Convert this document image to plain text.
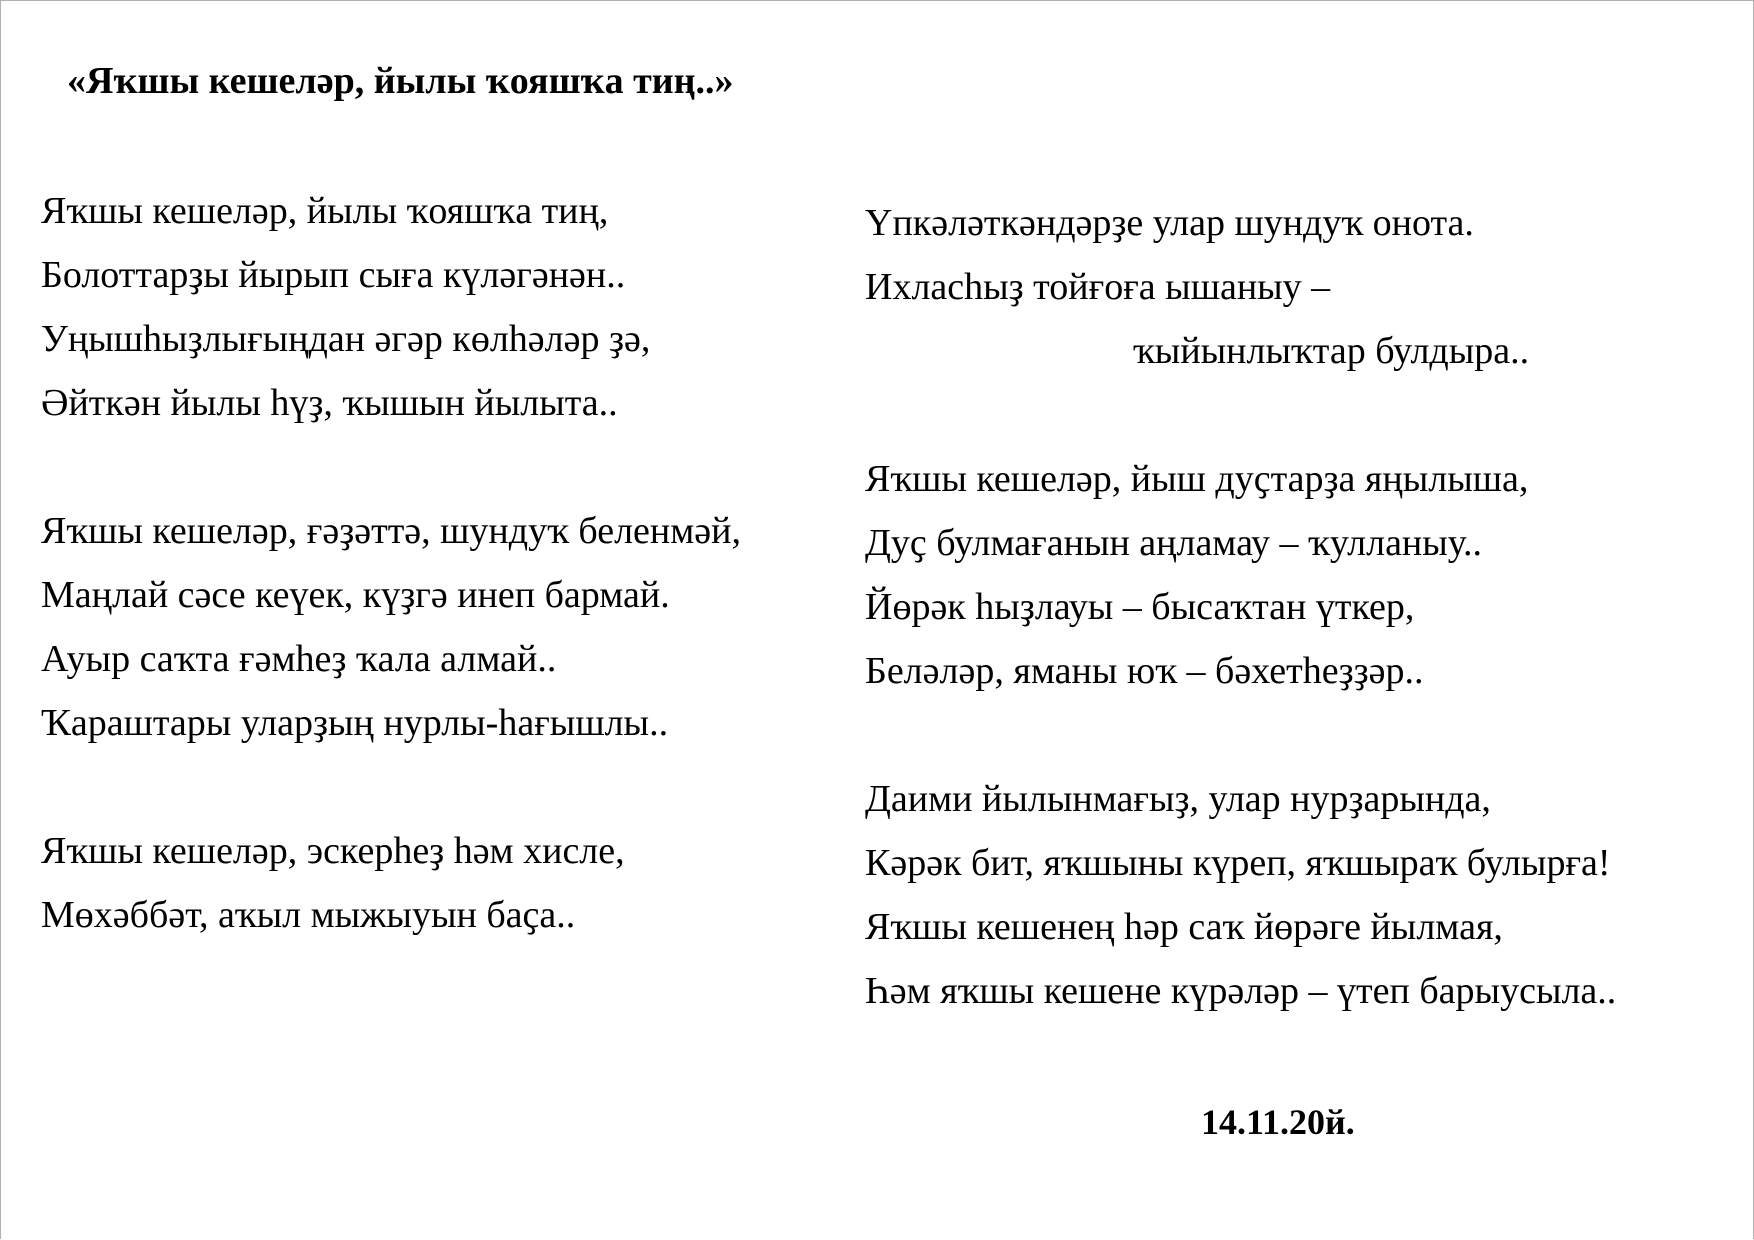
«Яҡшы кешеләр, йылы ҡояшҡа тиң..»
Яҡшы кешеләр, йылы ҡояшҡа тиң,
Болоттарҙы йырып сыға күләгәнән..
Уңышһыҙлығыңдан әгәр көлһәләр ҙә,
Әйткән йылы һүҙ, ҡышын йылыта..
Яҡшы кешеләр, ғәҙәттә, шундуҡ беленмәй,
Маңлай сәсе кеүек, күҙгә инеп бармай.
Ауыр саҡта ғәмһеҙ ҡала алмай..
Ҡараштары уларҙың нурлы-һағышлы..
Яҡшы кешеләр, эскерһеҙ һәм хисле,
Мөхәббәт, аҡыл мыжыуын баҫа..
Үпкәләткәндәрҙе улар шундуҡ онота.
Ихласһыҙ тойғоға ышаныу –
ҡыйынлыҡтар булдыра..
Яҡшы кешеләр, йыш дуҫтарҙа яңылыша,
Дуҫ булмағанын аңламау – ҡулланыу..
Йөрәк һыҙлауы – бысаҡтан үткер,
Беләләр, яманы юҡ – бәхетһеҙҙәр..
Даими йылынмағыҙ, улар нурҙарында,
Кәрәк бит, яҡшыны күреп, яҡшыраҡ булырға!
Яҡшы кешенең һәр саҡ йөрәге йылмая,
Һәм яҡшы кешене күрәләр – үтеп барыусыла..
14.11.20й.
